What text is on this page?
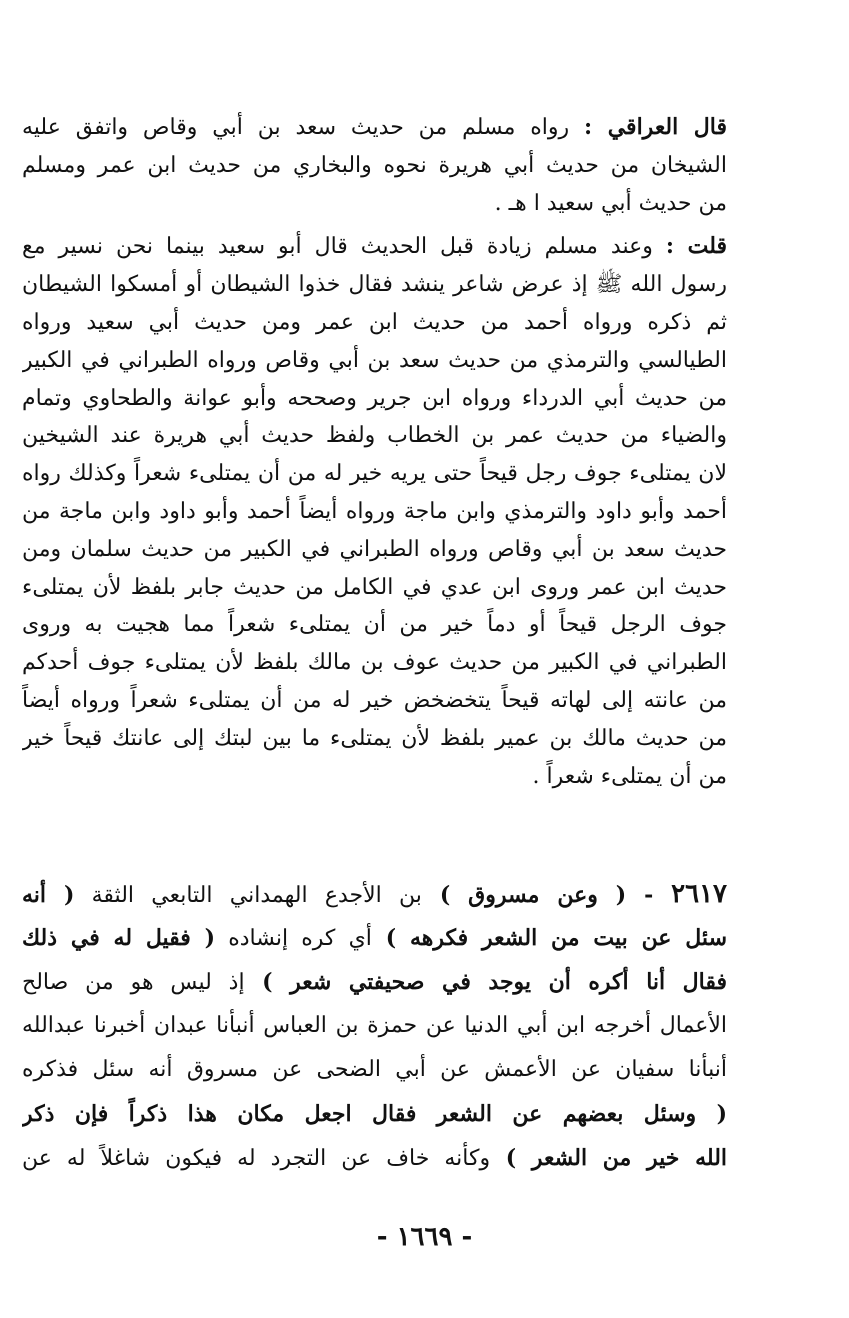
قال العراقي : رواه مسلم من حديث سعد بن أبي وقاص واتفق عليه
الشيخان من حديث أبي هريرة نحوه والبخاري من حديث ابن عمر ومسلم
من حديث أبي سعيد ا هـ .
قلت : وعند مسلم زيادة قبل الحديث قال أبو سعيد بينما نحن نسير مع
رسول الله ﷺ إذ عرض شاعر ينشد فقال خذوا الشيطان أو أمسكوا الشيطان
ثم ذكره ورواه أحمد من حديث ابن عمر ومن حديث أبي سعيد ورواه
الطيالسي والترمذي من حديث سعد بن أبي وقاص ورواه الطبراني في الكبير
من حديث أبي الدرداء ورواه ابن جرير وصححه وأبو عوانة والطحاوي وتمام
والضياء من حديث عمر بن الخطاب ولفظ حديث أبي هريرة عند الشيخين
لان يمتلىء جوف رجل قيحاً حتى يريه خير له من أن يمتلىء شعراً وكذلك رواه
أحمد وأبو داود والترمذي وابن ماجة ورواه أيضاً أحمد وأبو داود وابن ماجة من
حديث سعد بن أبي وقاص ورواه الطبراني في الكبير من حديث سلمان ومن
حديث ابن عمر وروى ابن عدي في الكامل من حديث جابر بلفظ لأن يمتلىء
جوف الرجل قيحاً أو دماً خير من أن يمتلىء شعراً مما هجيت به وروى
الطبراني في الكبير من حديث عوف بن مالك بلفظ لأن يمتلىء جوف أحدكم
من عانته إلى لهاته قيحاً يتخضخض خير له من أن يمتلىء شعراً ورواه أيضاً
من حديث مالك بن عمير بلفظ لأن يمتلىء ما بين لبتك إلى عانتك قيحاً خير
من أن يمتلىء شعراً .
٢٦١٧ - ( وعن مسروق ) بن الأجدع الهمداني التابعي الثقة ( أنه
سئل عن بيت من الشعر فكرهه ) أي كره إنشاده ( فقيل له في ذلك
فقال أنا أكره أن يوجد في صحيفتي شعر ) إذ ليس هو من صالح
الأعمال أخرجه ابن أبي الدنيا عن حمزة بن العباس أنبأنا عبدان أخبرنا عبدالله
أنبأنا سفيان عن الأعمش عن أبي الضحى عن مسروق أنه سئل فذكره
( وسئل بعضهم عن الشعر فقال اجعل مكان هذا ذكراً فإن ذكر
الله خير من الشعر ) وكأنه خاف عن التجرد له فيكون شاغلاً له عن
- ١٦٦٩ -
